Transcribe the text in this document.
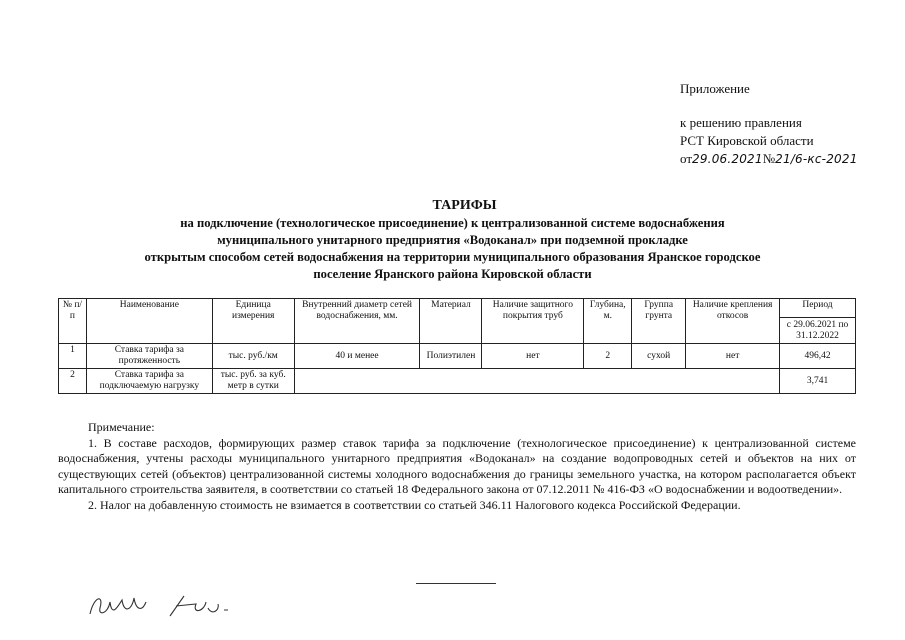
Приложение
к решению правления
РСТ Кировской области
от29.06.2021№21/6-кс-2021
ТАРИФЫ
на подключение (технологическое присоединение) к централизованной системе водоснабжения
муниципального унитарного предприятия «Водоканал» при подземной прокладке
открытым способом сетей водоснабжения на территории муниципального образования Яранское городское
поселение Яранского района Кировской области
№ п/п	Наименование	Единица измерения	Внутренний диаметр сетей водоснабжения, мм.	Материал	Наличие защитного покрытия труб	Глубина, м.	Группа грунта	Наличие крепления откосов	Период
с 29.06.2021 по 31.12.2022

1	Ставка тарифа за протяженность	тыс. руб./км	40 и менее	Полиэтилен	нет	2	сухой	нет	496,42
2	Ставка тарифа за подключаемую нагрузку	тыс. руб. за куб. метр в сутки							3,741

Примечание:

1. В составе расходов, формирующих размер ставок тарифа за подключение (технологическое присоединение) к централизованной системе водоснабжения, учтены расходы муниципального унитарного предприятия «Водоканал» на создание водопроводных сетей и объектов на них от существующих сетей (объектов) централизованной системы холодного водоснабжения до границы земельного участка, на котором располагается объект капитального строительства заявителя, в соответствии со статьей 18 Федерального закона от 07.12.2011 № 416-ФЗ «О водоснабжении и водоотведении».

2. Налог на добавленную стоимость не взимается в соответствии со статьей 346.11 Налогового кодекса Российской Федерации.
